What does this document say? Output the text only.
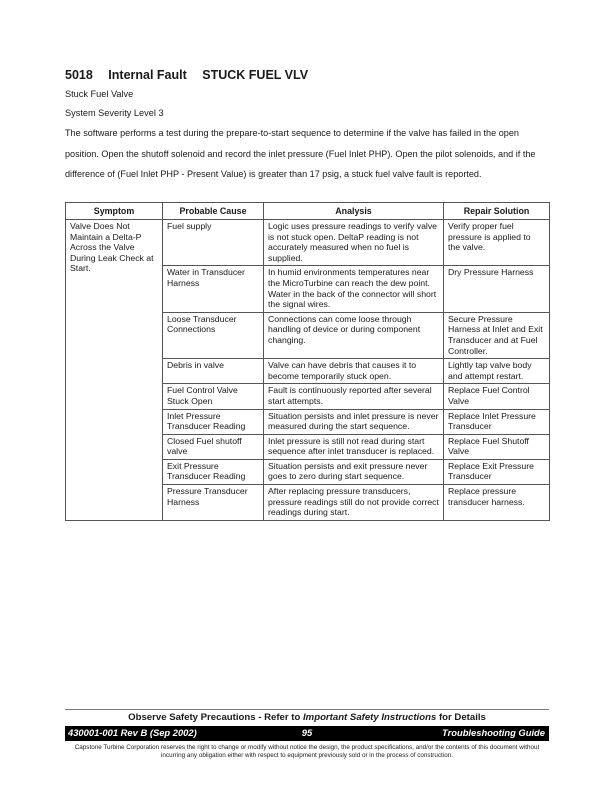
5018 Internal Fault STUCK FUEL VLV
Stuck Fuel Valve
System Severity Level 3
The software performs a test during the prepare-to-start sequence to determine if the valve has failed in the open position. Open the shutoff solenoid and record the inlet pressure (Fuel Inlet PHP). Open the pilot solenoids, and if the difference of (Fuel Inlet PHP - Present Value) is greater than 17 psig, a stuck fuel valve fault is reported.
Symptom	Probable Cause	Analysis	Repair Solution
Valve Does Not Maintain a Delta-P Across the Valve During Leak Check at Start.	Fuel supply	Logic uses pressure readings to verify valve is not stuck open. DeltaP reading is not accurately measured when no fuel is supplied.	Verify proper fuel pressure is applied to the valve.
	Water in Transducer Harness	In humid environments temperatures near the MicroTurbine can reach the dew point. Water in the back of the connector will short the signal wires.	Dry Pressure Harness
	Loose Transducer Connections	Connections can come loose through handling of device or during component changing.	Secure Pressure Harness at Inlet and Exit Transducer and at Fuel Controller.
	Debris in valve	Valve can have debris that causes it to become temporarily stuck open.	Lightly tap valve body and attempt restart.
	Fuel Control Valve Stuck Open	Fault is continuously reported after several start attempts.	Replace Fuel Control Valve
	Inlet Pressure Transducer Reading	Situation persists and inlet pressure is never measured during the start sequence.	Replace Inlet Pressure Transducer
	Closed Fuel shutoff valve	Inlet pressure is still not read during start sequence after inlet transducer is replaced.	Replace Fuel Shutoff Valve
	Exit Pressure Transducer Reading	Situation persists and exit pressure never goes to zero during start sequence.	Replace Exit Pressure Transducer
	Pressure Transducer Harness	After replacing pressure transducers, pressure readings still do not provide correct readings during start.	Replace pressure transducer harness.
Observe Safety Precautions - Refer to Important Safety Instructions for Details
95
430001-001 Rev B (Sep 2002)	Troubleshooting Guide
Capstone Turbine Corporation reserves the right to change or modify without notice the design, the product specifications, and/or the contents of this document without incurring any obligation either with respect to equipment previously sold or in the process of construction.
